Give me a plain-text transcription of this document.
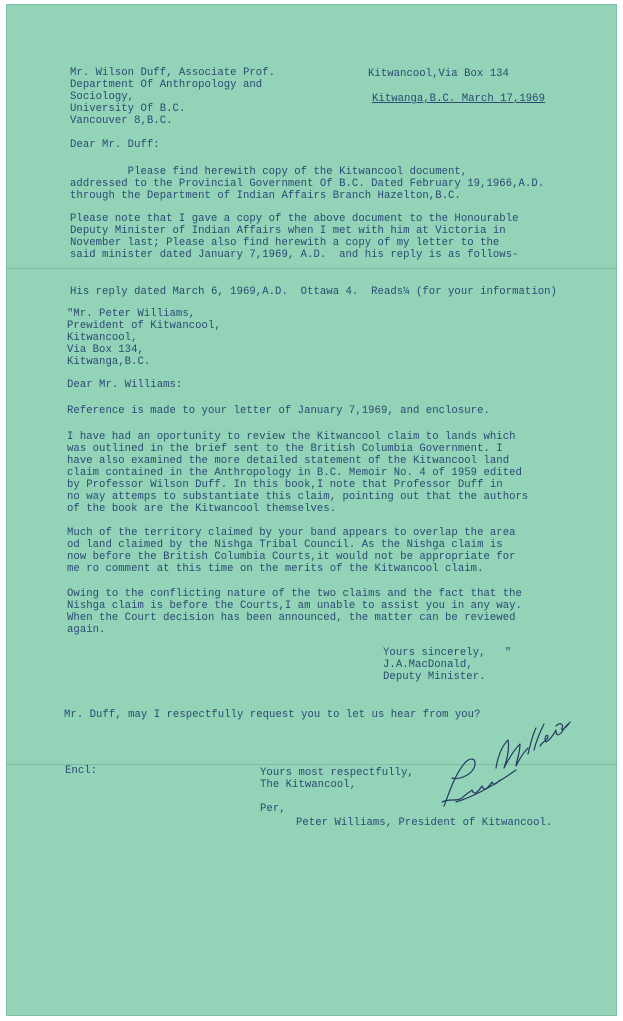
Mr. Wilson Duff, Associate Prof.

Department Of Anthropology and

Sociology,

University Of B.C.

Vancouver 8,B.C.

Kitwancool,Via Box 134

Kitwanga,B.C. March 17,1969

Dear Mr. Duff:

Please find herewith copy of the Kitwancool document,

addressed to the Provincial Government Of B.C. Dated February 19,1966,A.D.

through the Department of Indian Affairs Branch Hazelton,B.C.

Please note that I gave a copy of the above document to the Honourable

Deputy Minister of Indian Affairs when I met with him at Victoria in

November last; Please also find herewith a copy of my letter to the

said minister dated January 7,1969, A.D.  and his reply is as follows-

His reply dated March 6, 1969,A.D.  Ottawa 4.  Reads¼ (for your information)

"Mr. Peter Williams,

Prewident of Kitwancool,

Kitwancool,

Via Box 134,

Kitwanga,B.C.

Dear Mr. Williams:

Reference is made to your letter of January 7,1969, and enclosure.

I have had an oportunity to review the Kitwancool claim to lands which

was outlined in the brief sent to the British Columbia Government. I

have also examined the more detailed statement of the Kitwancool land

claim contained in the Anthropology in B.C. Memoir No. 4 of 1959 edited

by Professor Wilson Duff. In this book,I note that Professor Duff in

no way attemps to substantiate this claim, pointing out that the authors

of the book are the Kitwancool themselves.

Much of the territory claimed by your band appears to overlap the area

od land claimed by the Nishga Tribal Council. As the Nishga claim is

now before the British Columbia Courts,it would not be appropriate for

me ro comment at this time on the merits of the Kitwancool claim.

Owing to the conflicting nature of the two claims and the fact that the

Nishga claim is before the Courts,I am unable to assist you in any way.

When the Court decision has been announced, the matter can be reviewed

again.

Yours sincerely,   "

J.A.MacDonald,

Deputy Minister.

Mr. Duff, may I respectfully request you to let us hear from you?

Encl:	Yours most respectfully,

The Kitwancool,

Per,

Peter Williams, President of Kitwancool.
